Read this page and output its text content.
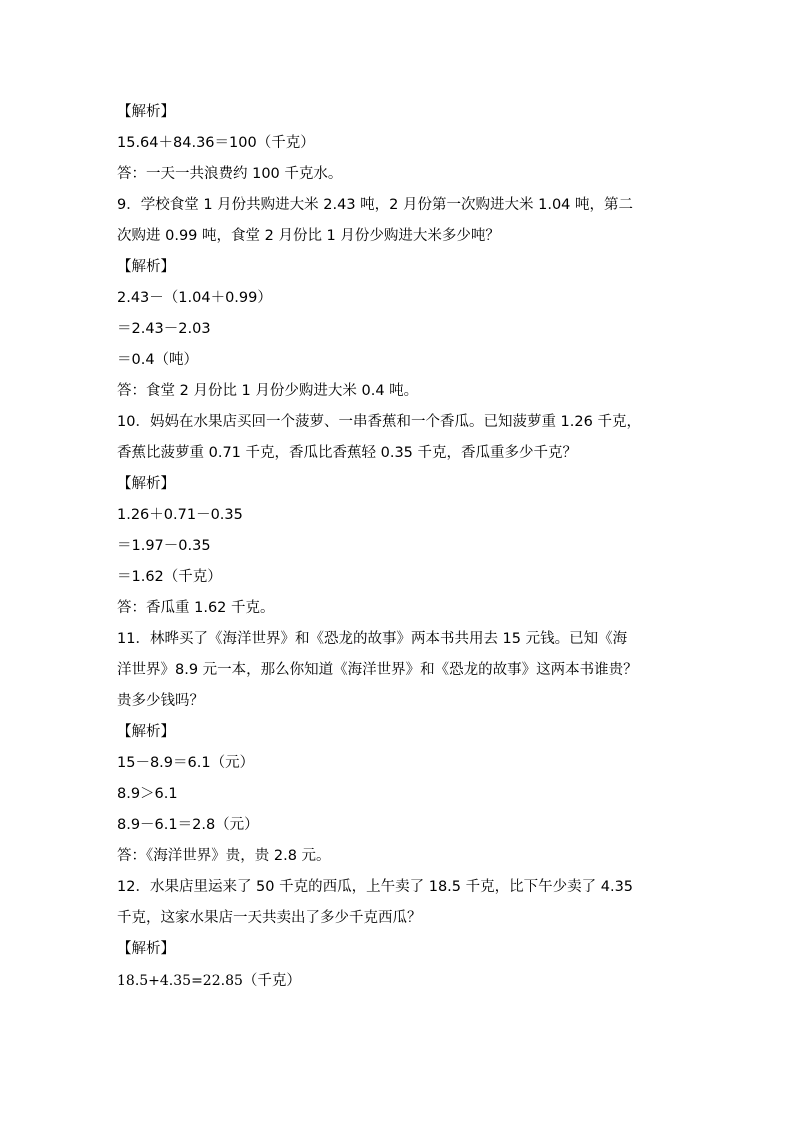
【解析】
15.64＋84.36＝100（千克）
答：一天一共浪费约 100 千克水。
9．学校食堂 1 月份共购进大米 2.43 吨，2 月份第一次购进大米 1.04 吨，第二
次购进 0.99 吨，食堂 2 月份比 1 月份少购进大米多少吨？
【解析】
2.43－（1.04＋0.99）
＝2.43－2.03
＝0.4（吨）
答：食堂 2 月份比 1 月份少购进大米 0.4 吨。
10．妈妈在水果店买回一个菠萝、一串香蕉和一个香瓜。已知菠萝重 1.26 千克，
香蕉比菠萝重 0.71 千克，香瓜比香蕉轻 0.35 千克，香瓜重多少千克？
【解析】
1.26＋0.71－0.35
＝1.97－0.35
＝1.62（千克）
答：香瓜重 1.62 千克。
11．林晔买了《海洋世界》和《恐龙的故事》两本书共用去 15 元钱。已知《海
洋世界》8.9 元一本，那么你知道《海洋世界》和《恐龙的故事》这两本书谁贵？
贵多少钱吗？
【解析】
15－8.9＝6.1（元）
8.9＞6.1
8.9－6.1＝2.8（元）
答：《海洋世界》贵，贵 2.8 元。
12．水果店里运来了 50 千克的西瓜，上午卖了 18.5 千克，比下午少卖了 4.35
千克，这家水果店一天共卖出了多少千克西瓜？
【解析】
18.5+4.35=22.85（千克）
